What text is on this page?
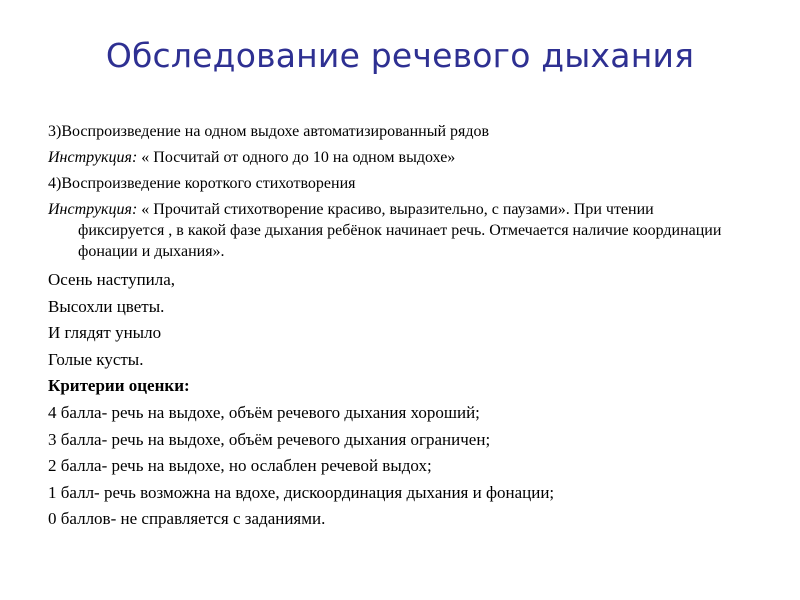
Обследование речевого дыхания
3)Воспроизведение на одном выдохе автоматизированный рядов
Инструкция: « Посчитай от одного до 10 на одном выдохе»
4)Воспроизведение короткого стихотворения
Инструкция: « Прочитай стихотворение красиво, выразительно, с паузами». При чтении фиксируется , в какой фазе дыхания ребёнок начинает речь. Отмечается наличие координации фонации и дыхания».
Осень наступила,
Высохли цветы.
И глядят уныло
Голые кусты.
Критерии оценки:
4 балла- речь на выдохе, объём речевого дыхания хороший;
3 балла- речь на выдохе, объём речевого дыхания ограничен;
2 балла- речь на выдохе, но ослаблен речевой выдох;
1 балл- речь возможна на вдохе, дискоординация дыхания и фонации;
0 баллов- не справляется с заданиями.
